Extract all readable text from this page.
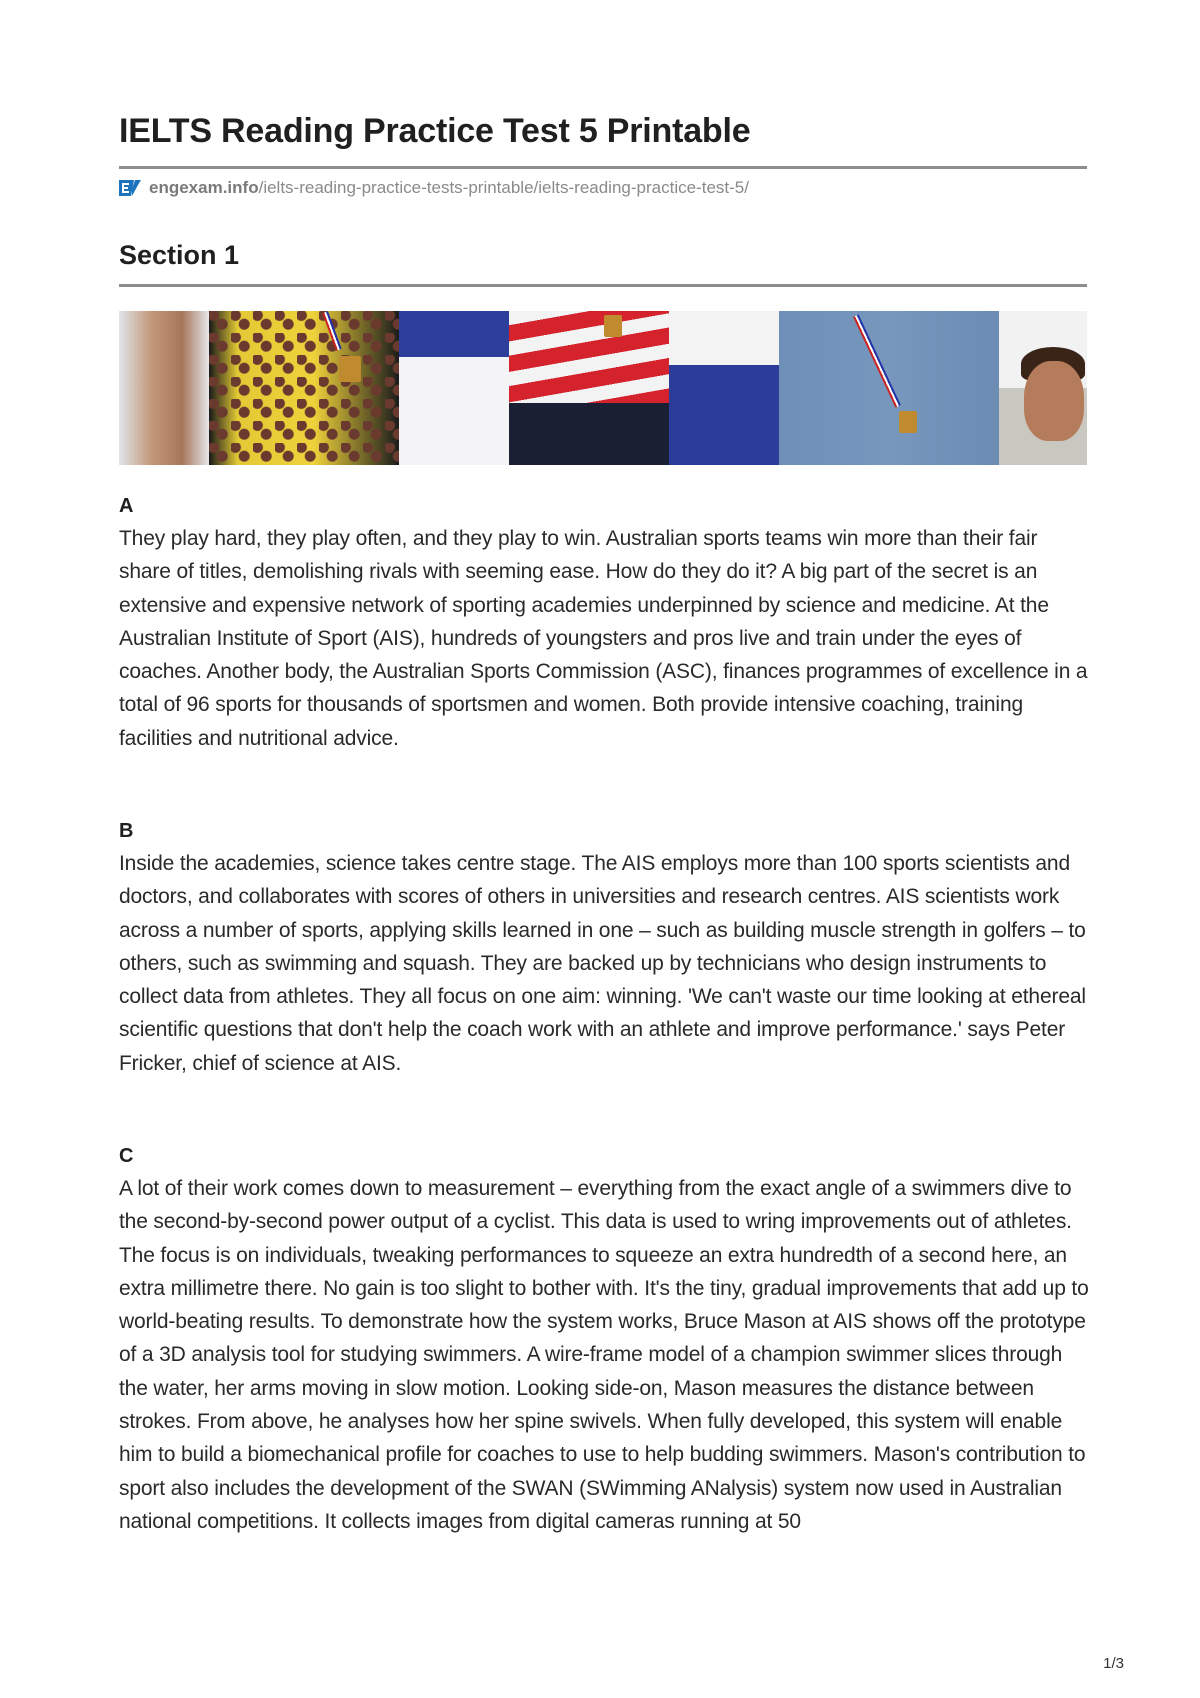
IELTS Reading Practice Test 5 Printable
engexam.info /ielts-reading-practice-tests-printable/ielts-reading-practice-test-5/
Section 1

A

They play hard, they play often, and they play to win. Australian sports teams win more than their fair share of titles, demolishing rivals with seeming ease. How do they do it? A big part of the secret is an extensive and expensive network of sporting academies underpinned by science and medicine. At the Australian Institute of Sport (AIS), hundreds of youngsters and pros live and train under the eyes of coaches. Another body, the Australian Sports Commission (ASC), finances programmes of excellence in a total of 96 sports for thousands of sportsmen and women. Both provide intensive coaching, training facilities and nutritional advice.

B

Inside the academies, science takes centre stage. The AIS employs more than 100 sports scientists and doctors, and collaborates with scores of others in universities and research centres. AIS scientists work across a number of sports, applying skills learned in one – such as building muscle strength in golfers – to others, such as swimming and squash. They are backed up by technicians who design instruments to collect data from athletes. They all focus on one aim: winning. 'We can't waste our time looking at ethereal scientific questions that don't help the coach work with an athlete and improve performance.' says Peter Fricker, chief of science at AIS.

C

A lot of their work comes down to measurement – everything from the exact angle of a swimmers dive to the second-by-second power output of a cyclist. This data is used to wring improvements out of athletes. The focus is on individuals, tweaking performances to squeeze an extra hundredth of a second here, an extra millimetre there. No gain is too slight to bother with. It's the tiny, gradual improvements that add up to world-beating results. To demonstrate how the system works, Bruce Mason at AIS shows off the prototype of a 3D analysis tool for studying swimmers. A wire-frame model of a champion swimmer slices through the water, her arms moving in slow motion. Looking side-on, Mason measures the distance between strokes. From above, he analyses how her spine swivels. When fully developed, this system will enable him to build a biomechanical profile for coaches to use to help budding swimmers. Mason's contribution to sport also includes the development of the SWAN (SWimming ANalysis) system now used in Australian national competitions. It collects images from digital cameras running at 50

1/3
